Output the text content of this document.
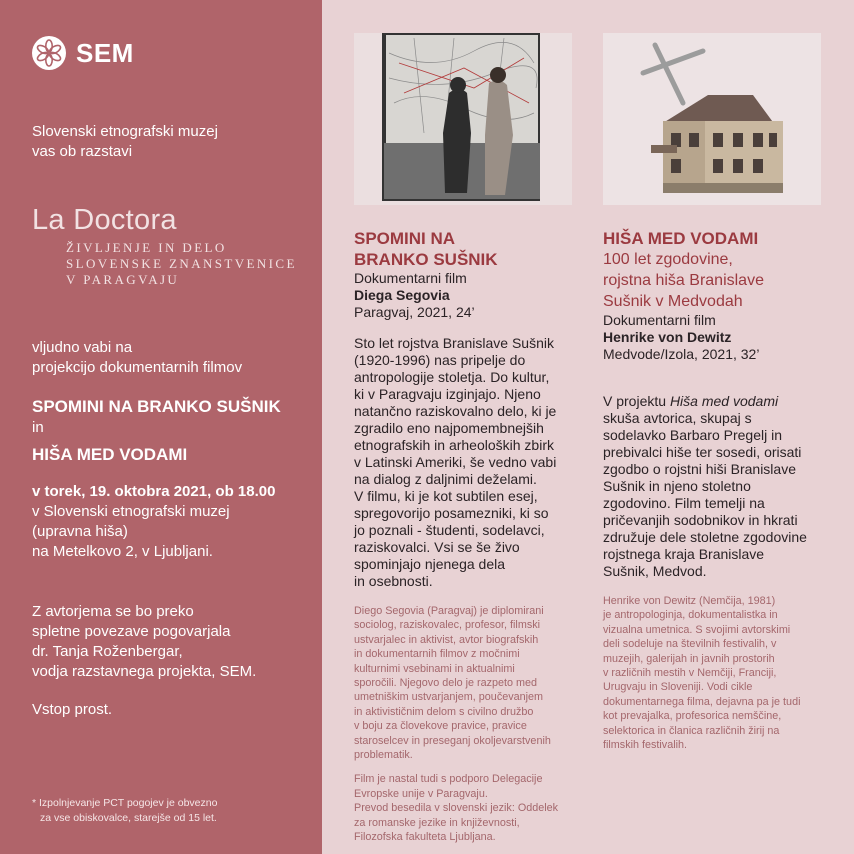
SEM
Slovenski etnografski muzej
vas ob razstavi
La Doctora
ŽIVLJENJE IN DELO
SLOVENSKE ZNANSTVENICE
V PARAGVAJU
vljudno vabi na
projekcijo dokumentarnih filmov
SPOMINI NA BRANKO SUŠNIK
in
HIŠA MED VODAMI
v torek, 19. oktobra 2021, ob 18.00
v Slovenski etnografski muzej
(upravna hiša)
na Metelkovo 2, v Ljubljani.
Z avtorjema se bo preko
spletne povezave pogovarjala
dr. Tanja Roženbergar,
vodja razstavnega projekta, SEM.
Vstop prost.
* Izpolnjevanje PCT pogojev je obvezno
za vse obiskovalce, starejše od 15 let.
SPOMINI NA
BRANKO SUŠNIK
Dokumentarni film
Diega Segovia
Paragvaj, 2021, 24’
Sto let rojstva Branislave Sušnik
(1920-1996) nas pripelje do
antropologije stoletja. Do kultur,
ki v Paragvaju izginjajo. Njeno
natančno raziskovalno delo, ki je
zgradilo eno najpomembnejših
etnografskih in arheoloških zbirk
v Latinski Ameriki, še vedno vabi
na dialog z daljnimi deželami.
V filmu, ki je kot subtilen esej,
spregovorijo posamezniki, ki so
jo poznali - študenti, sodelavci,
raziskovalci. Vsi se še živo
spominjajo njenega dela
in osebnosti.
Diego Segovia (Paragvaj) je diplomirani
sociolog, raziskovalec, profesor, filmski
ustvarjalec in aktivist, avtor biografskih
in dokumentarnih filmov z močnimi
kulturnimi vsebinami in aktualnimi
sporočili. Njegovo delo je razpeto med
umetniškim ustvarjanjem, poučevanjem
in aktivističnim delom s civilno družbo
v boju za človekove pravice, pravice
staroselcev in preseganj okoljevarstvenih
problematik.
Film je nastal tudi s podporo Delegacije
Evropske unije v Paragvaju.
Prevod besedila v slovenski jezik: Oddelek
za romanske jezike in književnosti,
Filozofska fakulteta Ljubljana.
HIŠA MED VODAMI
100 let zgodovine,
rojstna hiša Branislave
Sušnik v Medvodah
Dokumentarni film
Henrike von Dewitz
Medvode/Izola, 2021, 32’
V projektu Hiša med vodami
skuša avtorica, skupaj s
sodelavko Barbaro Pregelj in
prebivalci hiše ter sosedi, orisati
zgodbo o rojstni hiši Branislave
Sušnik in njeno stoletno
zgodovino. Film temelji na
pričevanjih sodobnikov in hkrati
združuje dele stoletne zgodovine
rojstnega kraja Branislave
Sušnik, Medvod.
Henrike von Dewitz (Nemčija, 1981)
je antropologinja, dokumentalistka in
vizualna umetnica. S svojimi avtorskimi
deli sodeluje na številnih festivalih, v
muzejih, galerijah in javnih prostorih
v različnih mestih v Nemčiji, Franciji,
Urugvaju in Sloveniji. Vodi cikle
dokumentarnega filma, dejavna pa je tudi
kot prevajalka, profesorica nemščine,
selektorica in članica različnih žirij na
filmskih festivalih.
